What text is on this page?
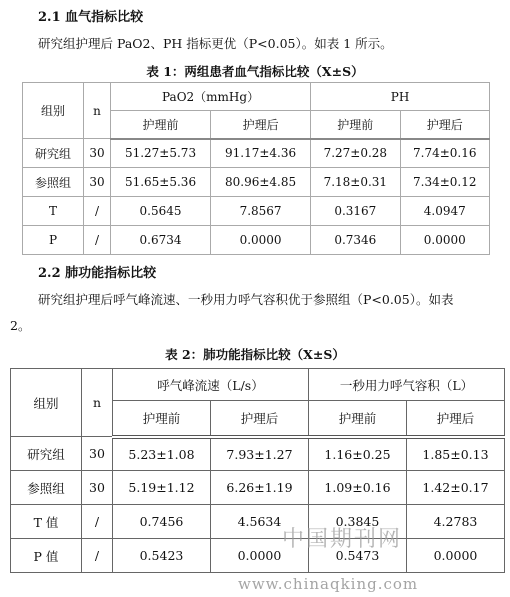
2.1 血气指标比较
研究组护理后 PaO2、PH 指标更优（P<0.05）。如表 1 所示。
表 1：两组患者血气指标比较（X±S）
组别	n	PaO2（mmHg）		PH	
		护理前	护理后	护理前	护理后
研究组	30	51.27±5.73	91.17±4.36	7.27±0.28	7.74±0.16
参照组	30	51.65±5.36	80.96±4.85	7.18±0.31	7.34±0.12
T	/	0.5645	7.8567	0.3167	4.0947
P	/	0.6734	0.0000	0.7346	0.0000
2.2 肺功能指标比较
研究组护理后呼气峰流速、一秒用力呼气容积优于参照组（P<0.05）。如表
2。
表 2：肺功能指标比较（X±S）
组别	n	呼气峰流速（L/s）		一秒用力呼气容积（L）	
		护理前	护理后	护理前	护理后
研究组	30	5.23±1.08	7.93±1.27	1.16±0.25	1.85±0.13
参照组	30	5.19±1.12	6.26±1.19	1.09±0.16	1.42±0.17
T 值	/	0.7456	4.5634	0.3845	4.2783
P 值	/	0.5423	0.0000	0.5473	0.0000
中国期刊网
www.chinaqking.com
